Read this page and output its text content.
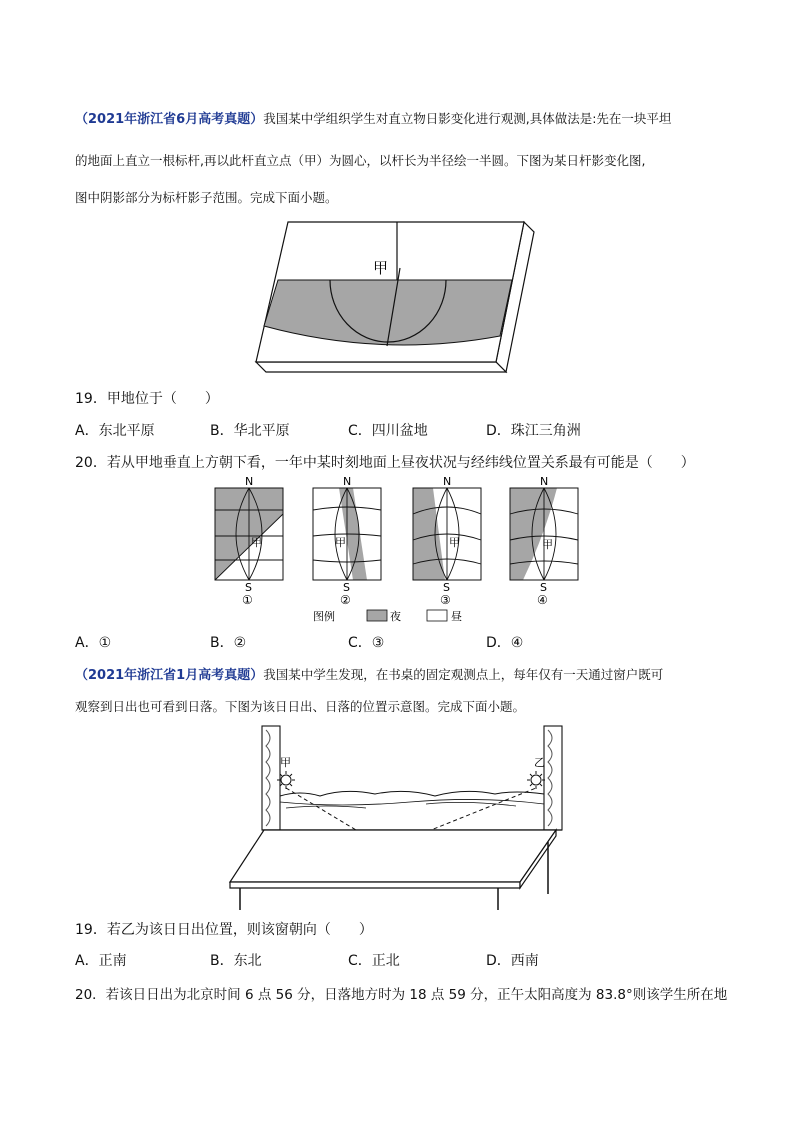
（2021年浙江省6月高考真题）我国某中学组织学生对直立物日影变化进行观测,具体做法是:先在一块平坦
的地面上直立一根标杆,再以此杆直立点（甲）为圆心，以杆长为半径绘一半圆。下图为某日杆影变化图,
图中阴影部分为标杆影子范围。完成下面小题。
甲
19．甲地位于（　　）
A．东北平原	B．华北平原	C．四川盆地	D．珠江三角洲
20．若从甲地垂直上方朝下看，一年中某时刻地面上昼夜状况与经纬线位置关系最有可能是（　　）
N
S
甲
①
N
S
甲
②
N
S
甲
③
N
S
甲
④
图例	夜	昼
A．①	B．②	C．③	D．④
（2021年浙江省1月高考真题）我国某中学生发现，在书桌的固定观测点上，每年仅有一天通过窗户既可
观察到日出也可看到日落。下图为该日日出、日落的位置示意图。完成下面小题。
甲	乙
19．若乙为该日日出位置，则该窗朝向（　　）
A．正南	B．东北	C．正北	D．西南
20．若该日日出为北京时间 6 点 56 分，日落地方时为 18 点 59 分，正午太阳高度为 83.8°则该学生所在地
